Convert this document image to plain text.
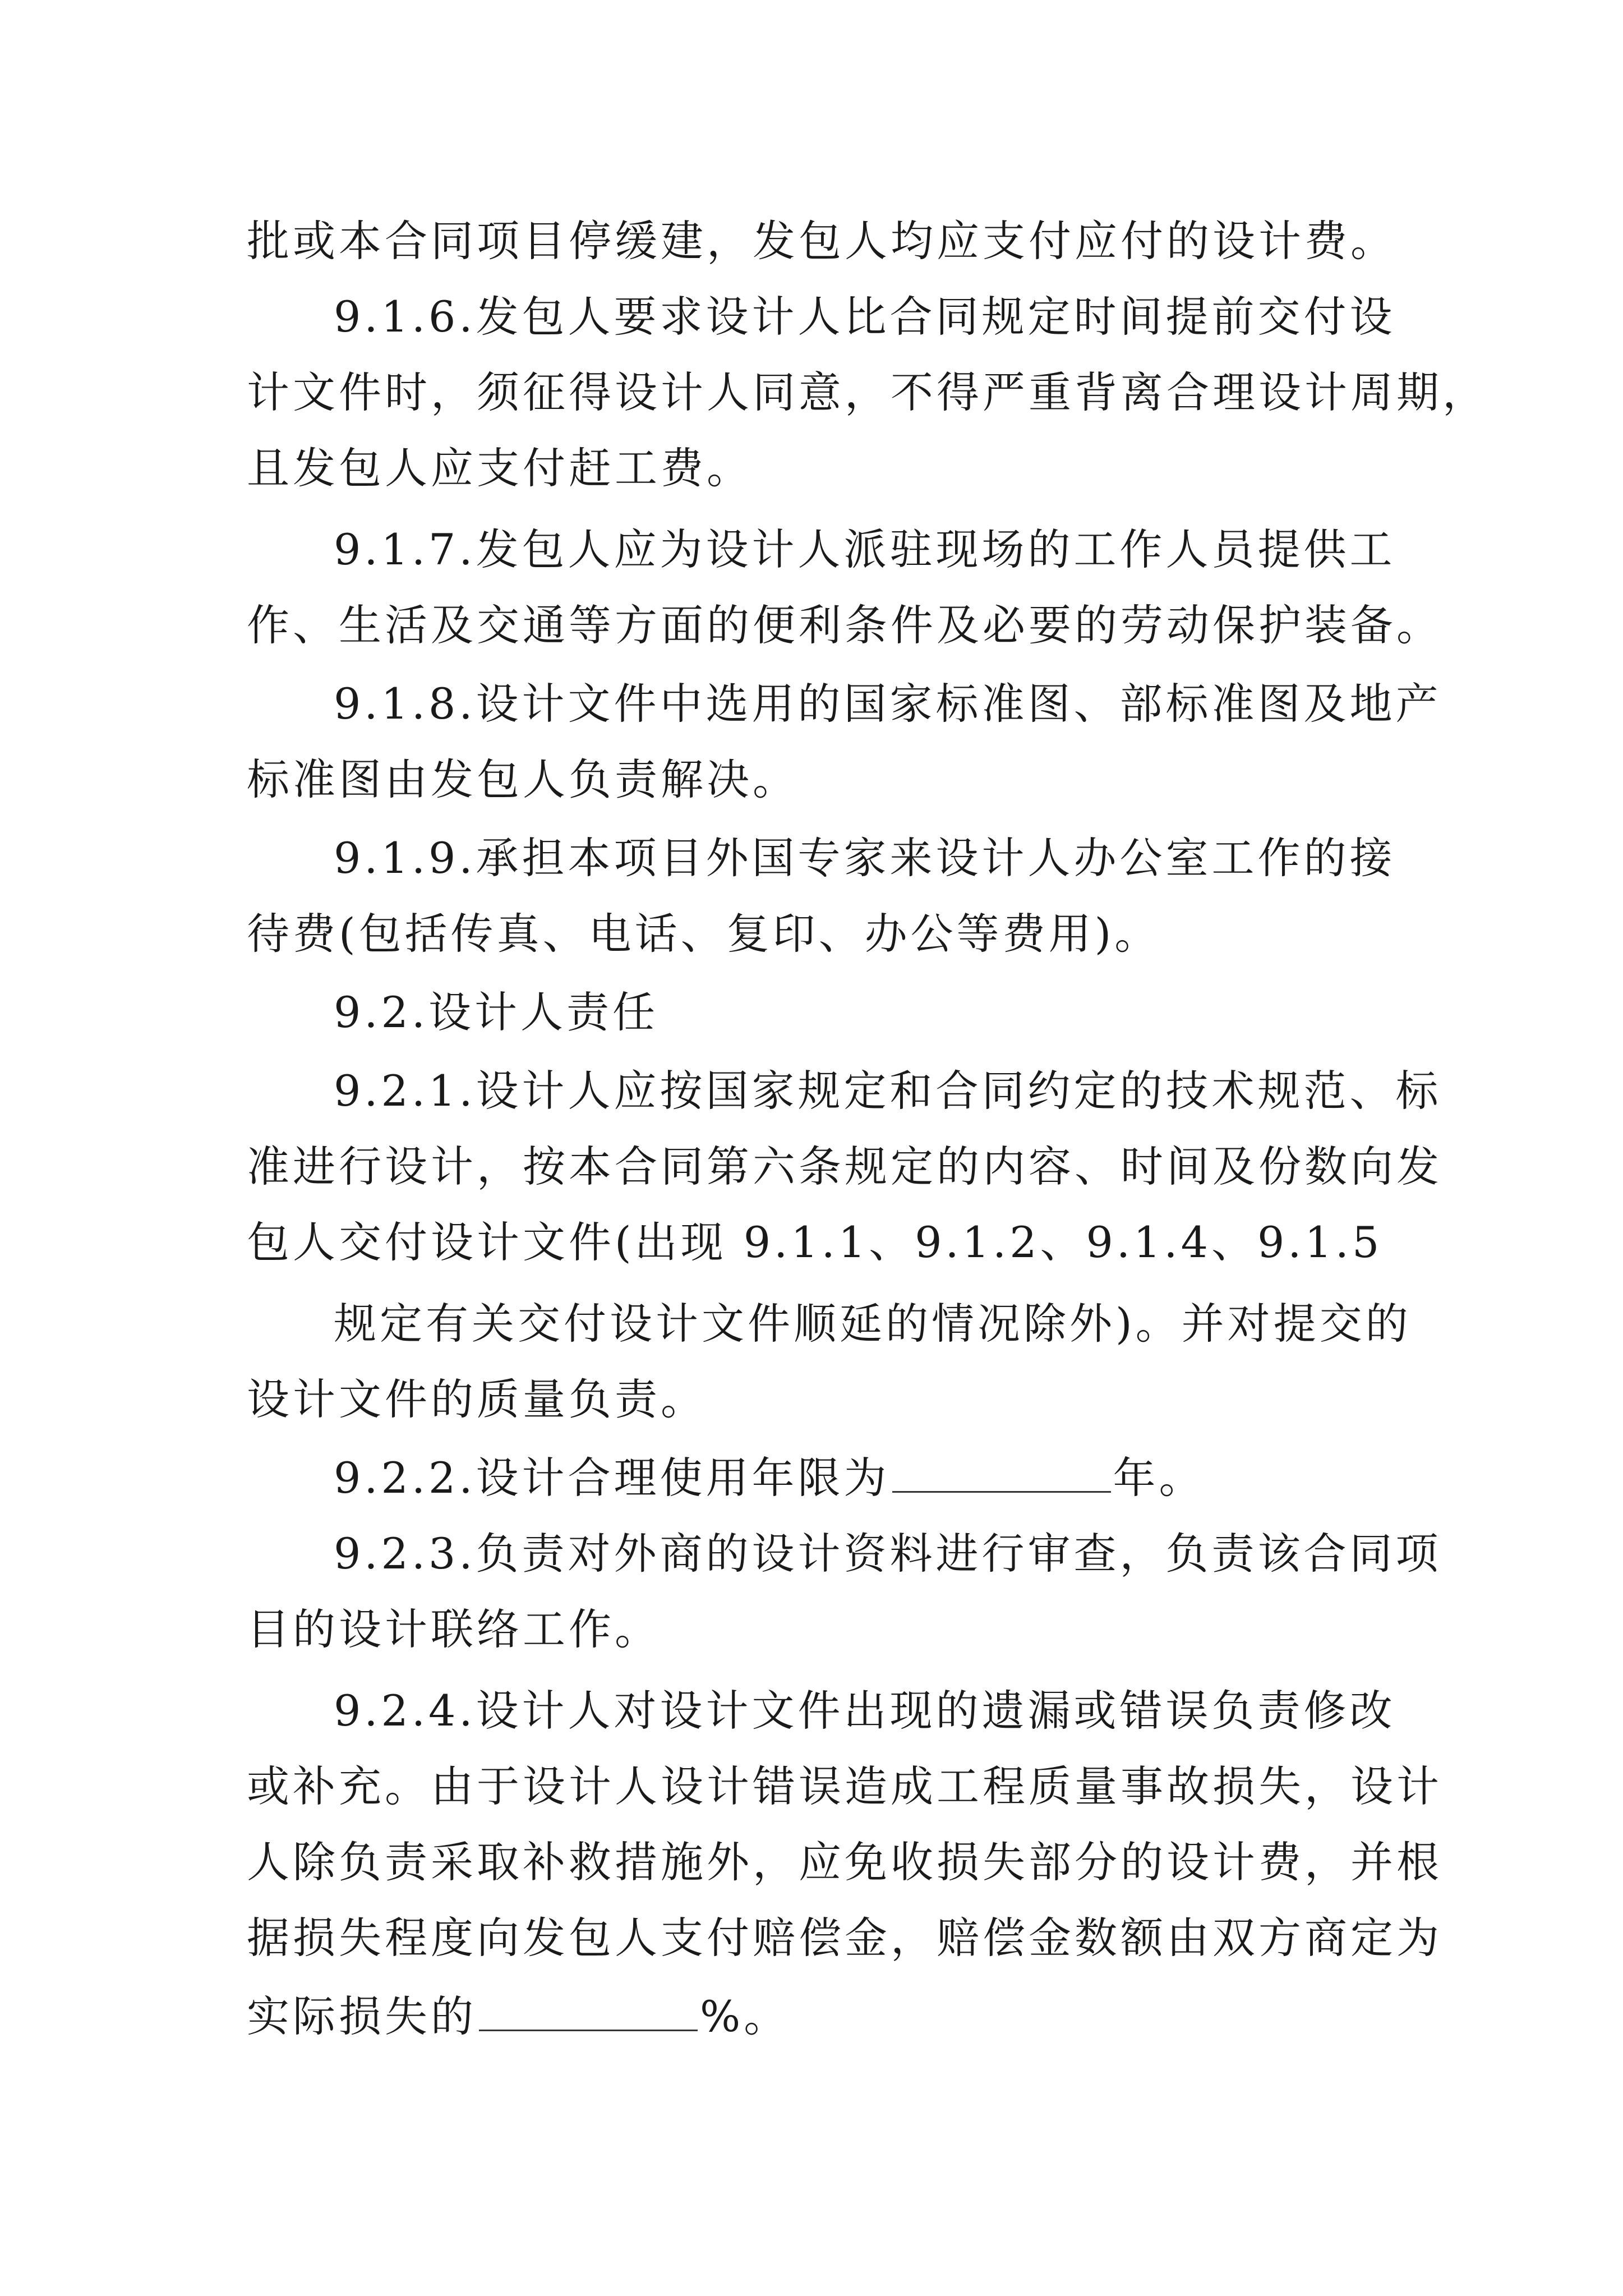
批或本合同项目停缓建，发包人均应支付应付的设计费。
9.1.6.发包人要求设计人比合同规定时间提前交付设
计文件时，须征得设计人同意，不得严重背离合理设计周期，
且发包人应支付赶工费。
9.1.7.发包人应为设计人派驻现场的工作人员提供工
作、生活及交通等方面的便利条件及必要的劳动保护装备。
9.1.8.设计文件中选用的国家标准图、部标准图及地产
标准图由发包人负责解决。
9.1.9.承担本项目外国专家来设计人办公室工作的接
待费(包括传真、电话、复印、办公等费用)。
9.2.设计人责任
9.2.1.设计人应按国家规定和合同约定的技术规范、标
准进行设计，按本合同第六条规定的内容、时间及份数向发
包人交付设计文件(出现 9.1.1、9.1.2、9.1.4、9.1.5
规定有关交付设计文件顺延的情况除外)。并对提交的
设计文件的质量负责。
9.2.2.设计合理使用年限为	年。
9.2.3.负责对外商的设计资料进行审查，负责该合同项
目的设计联络工作。
9.2.4.设计人对设计文件出现的遗漏或错误负责修改
或补充。由于设计人设计错误造成工程质量事故损失，设计
人除负责采取补救措施外，应免收损失部分的设计费，并根
据损失程度向发包人支付赔偿金，赔偿金数额由双方商定为
实际损失的	%。
